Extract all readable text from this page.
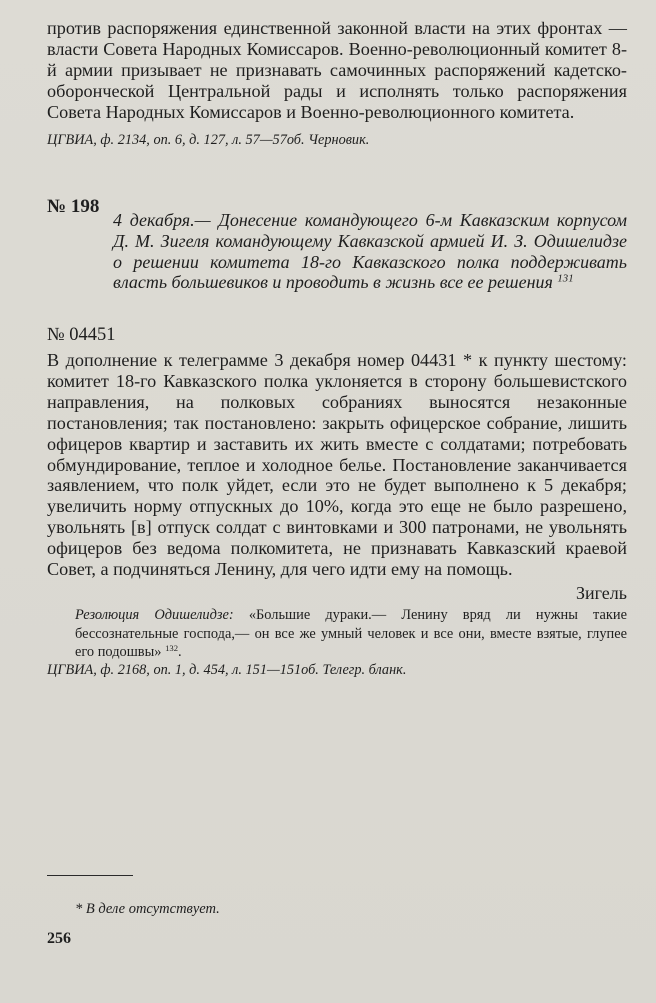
против распоряжения единственной законной власти на этих фронтах — власти Совета Народных Комиссаров. Военно-революционный комитет 8-й армии призывает не признавать самочинных распоряжений кадетско-оборончеcкой Центральной рады и исполнять только распоряжения Совета Народных Комиссаров и Военно-революционного комитета.

ЦГВИА, ф. 2134, оп. 6, д. 127, л. 57—57об. Черновик.

№ 198

4 декабря.— Донесение командующего 6-м Кавказским корпусом Д. М. Зигеля командующему Кавказской армией И. З. Одишелидзе о решении комитета 18-го Кавказского полка поддерживать власть большевиков и проводить в жизнь все ее решения $^{131}$

№ 04451

В дополнение к телеграмме 3 декабря номер 04431 * к пункту шестому: комитет 18-го Кавказского полка уклоняется в сторону большевистского направления, на полковых собраниях выносятся незаконные постановления; так постановлено: закрыть офицерское собрание, лишить офицеров квартир и заставить их жить вместе с солдатами; потребовать обмундирование, теплое и холодное белье. Постановление заканчивается заявлением, что полк уйдет, если это не будет выполнено к 5 декабря; увеличить норму отпускных до 10%, когда это еще не было разрешено, увольнять [в] отпуск солдат с винтовками и 300 патронами, не увольнять офицеров без ведома полкомитета, не признавать Кавказский краевой Совет, а подчиняться Ленину, для чего идти ему на помощь.

Зигель

Резолюция Одишелидзе: «Большие дураки.— Ленину вряд ли нужны такие бессознательные господа,— он все же умный человек и все они, вместе взятые, глупее его подошвы» $^{132}$.

ЦГВИА, ф. 2168, оп. 1, д. 454, л. 151—151об. Телегр. бланк.

* В деле отсутствует.
256
